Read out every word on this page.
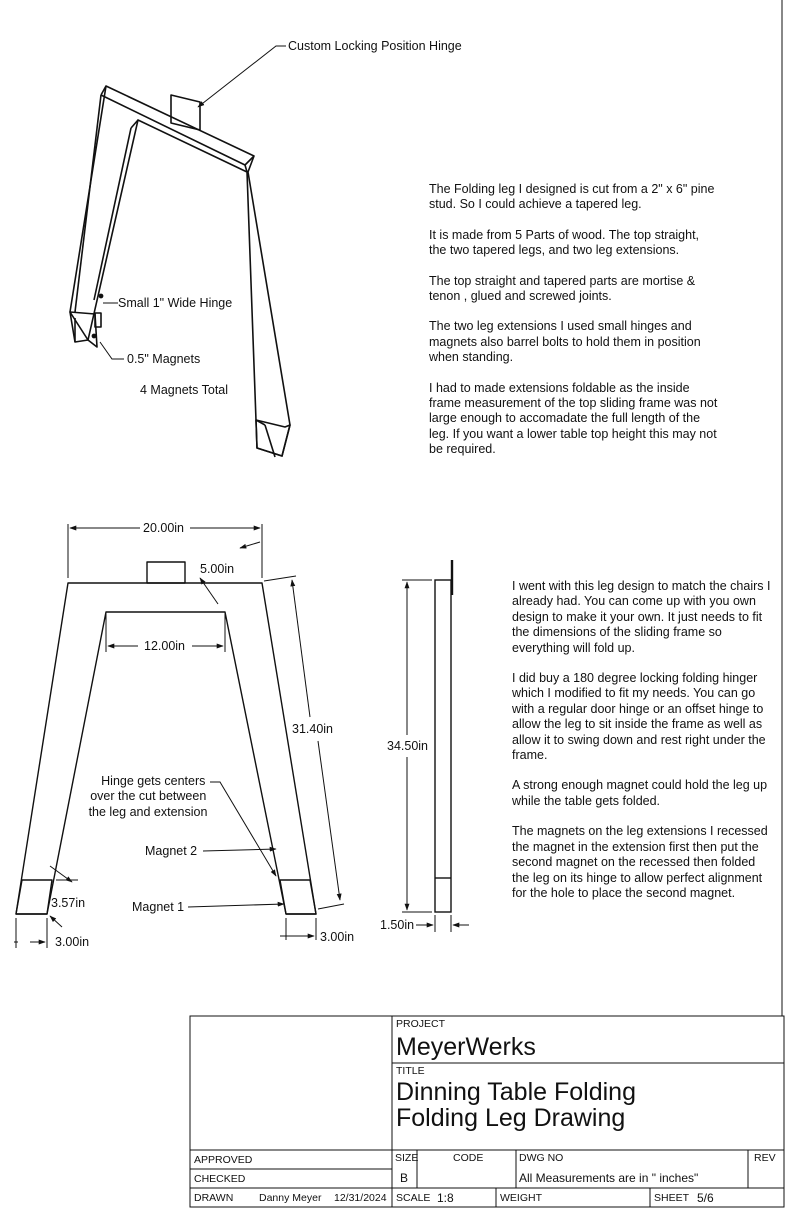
Custom Locking Position Hinge
Small 1" Wide Hinge
0.5" Magnets
4 Magnets Total
20.00in
5.00in
12.00in
31.40in
3.57in
3.00in	3.00in
Hinge gets centers over the cut between the leg and extension
Magnet 2
Magnet 1
34.50in
1.50in

The Folding leg I designed is cut from a 2" x 6" pine stud. So I could achieve a tapered leg.

It is made from 5 Parts of wood. The top straight, the two tapered legs, and two leg extensions.

The top straight and tapered parts are mortise & tenon , glued and screwed joints.

The two leg extensions I used small hinges and magnets also barrel bolts to hold them in position when standing.

I had to made extensions foldable as the inside frame measurement of the top sliding frame was not large enough to accomadate the full length of the leg. If you want a lower table top height this may not be required.

I went with this leg design to match the chairs I already had. You can come up with you own design to make it your own. It just needs to fit the dimensions of the sliding frame so everything will fold up.

I did buy a 180 degree locking folding hinger which I modified to fit my needs. You can go with a regular door hinge or an offset hinge to allow the leg to sit inside the frame as well as allow it to swing down and rest right under the frame.

A strong enough magnet could hold the leg up while the table gets folded.

The magnets on the leg extensions I recessed the magnet in the extension first then put the second magnet on the recessed then folded the leg on its hinge to allow perfect alignment for the hole to place the second magnet.

PROJECT
MeyerWerks
TITLE
Dinning Table Folding
Folding Leg Drawing
APPROVED
CHECKED
DRAWN Danny Meyer 12/31/2024
SIZE
B
CODE	DWG NO
All Measurements are in " inches"
REV
SCALE 1:8	WEIGHT	SHEET 5/6
